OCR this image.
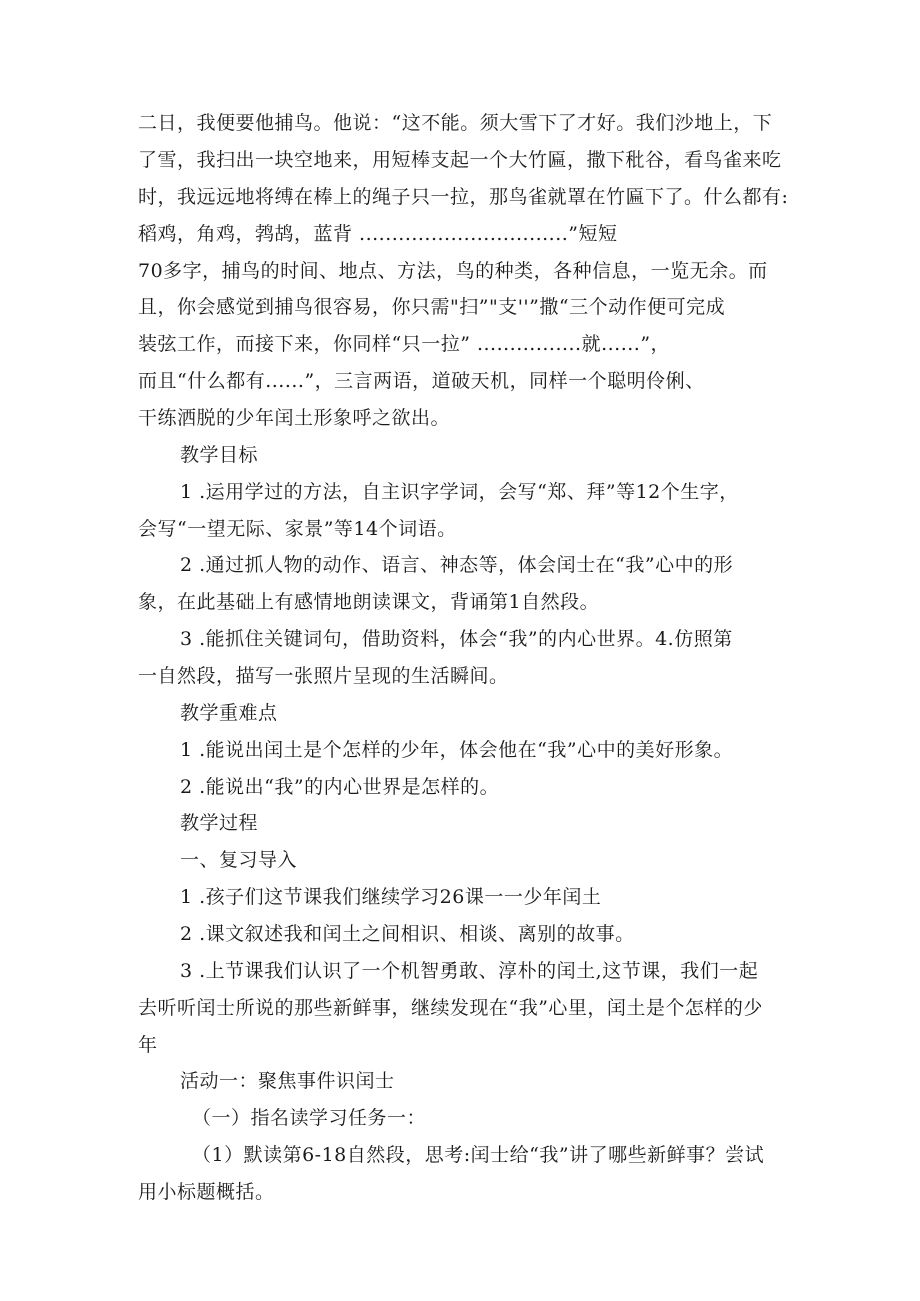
二日，我便要他捕鸟。他说：“这不能。须大雪下了才好。我们沙地上，下
了雪，我扫出一块空地来，用短棒支起一个大竹匾，撒下秕谷，看鸟雀来吃
时，我远远地将缚在棒上的绳子只一拉，那鸟雀就罩在竹匾下了。什么都有:
稻鸡，角鸡，鹁鸪，蓝背 ................................”短短
70多字，捕鸟的时间、地点、方法，鸟的种类，各种信息，一览无余。而
且，你会感觉到捕鸟很容易，你只需"扫”"支''”撒“三个动作便可完成
装弦工作，而接下来，你同样“只一拉” ................就......”，
而且“什么都有......”，三言两语，道破天机，同样一个聪明伶俐、
干练洒脱的少年闰土形象呼之欲出。
教学目标
1 .运用学过的方法，自主识字学词，会写“郑、拜”等12个生字，
会写“一望无际、家景”等14个词语。
2 .通过抓人物的动作、语言、神态等，体会闰士在“我”心中的形
象，在此基础上有感情地朗读课文，背诵第1自然段。
3 .能抓住关键词句，借助资料，体会“我”的内心世界。4.仿照第
一自然段，描写一张照片呈现的生活瞬间。
教学重难点
1 .能说出闰土是个怎样的少年，体会他在“我”心中的美好形象。
2 .能说出“我”的内心世界是怎样的。
教学过程
一、复习导入
1 .孩子们这节课我们继续学习26课一一少年闰土
2 .课文叙述我和闰土之间相识、相谈、离别的故事。
3 .上节课我们认识了一个机智勇敢、淳朴的闰土,这节课，我们一起
去听听闰士所说的那些新鲜事，继续发现在“我”心里，闰土是个怎样的少
年
活动一：聚焦事件识闰士
（一）指名读学习任务一：
（1）默读第6-18自然段，思考:闰士给“我”讲了哪些新鲜事？尝试
用小标题概括。
